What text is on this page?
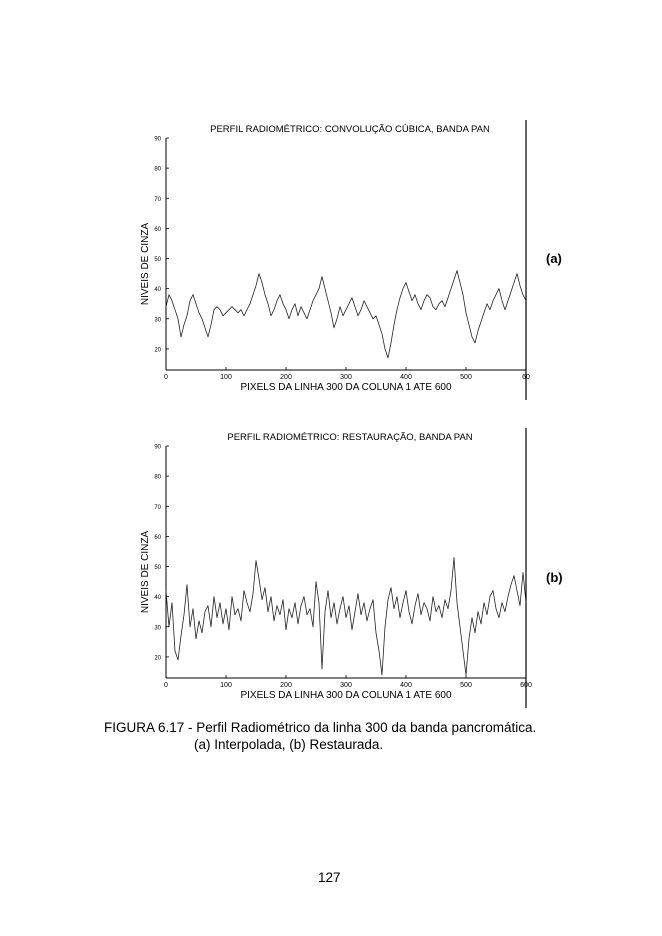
PERFIL RADIOMÉTRICO: CONVOLUÇÃO CÚBICA, BANDA PAN
20
30
40
50
60
70
80
90
0	100	200	300	400	500	60
PIXELS DA LINHA 300 DA COLUNA 1 ATE 600
NIVEIS DE CINZA	(a)
PERFIL RADIOMÉTRICO: RESTAURAÇÃO, BANDA PAN
20
30
40
50
60
70
80
90
0	100	200	300	400	500	600
PIXELS DA LINHA 300 DA COLUNA 1 ATE 600
NIVEIS DE CINZA	(b)
FIGURA 6.17 - Perfil Radiométrico da linha 300 da banda pancromática.
(a) Interpolada, (b) Restaurada.
127
